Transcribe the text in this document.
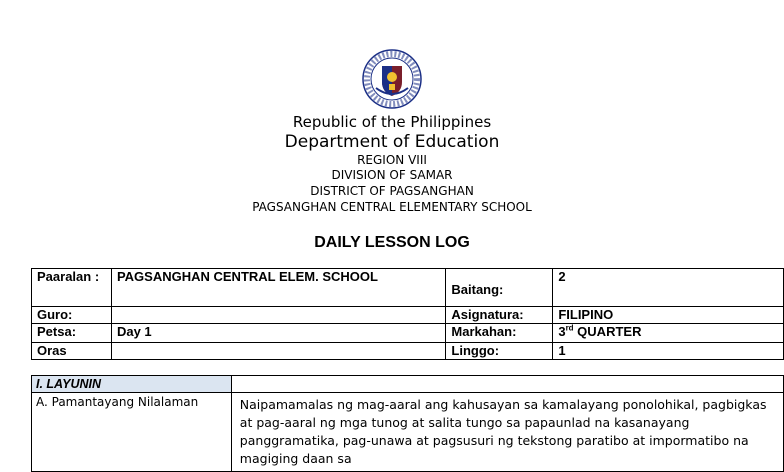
Republic of the Philippines
Department of Education
REGION VIII
DIVISION OF SAMAR
DISTRICT OF PAGSANGHAN
PAGSANGHAN CENTRAL ELEMENTARY SCHOOL
DAILY LESSON LOG
Paaralan :	PAGSANGHAN CENTRAL ELEM. SCHOOL	Baitang:	2
Guro:		Asignatura:	FILIPINO
Petsa:	Day 1	Markahan:	3rd QUARTER
Oras		Linggo:	1
I. LAYUNIN	
A. Pamantayang Nilalaman	Naipamamalas ng mag-aaral ang kahusayan sa kamalayang ponolohikal, pagbigkas at pag-aaral ng mga tunog at salita tungo sa papaunlad na kasanayang panggramatika, pag-unawa at pagsusuri ng tekstong paratibo at impormatibo na magiging daan sa
